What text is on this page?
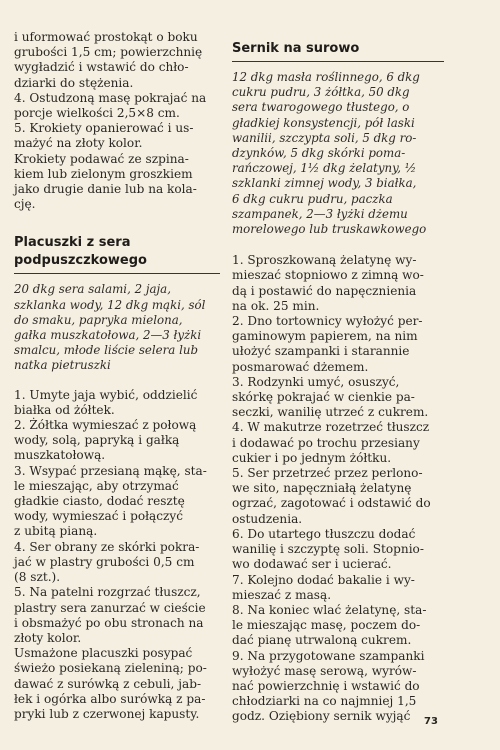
i uformować prostokąt o boku
grubości 1,5 cm; powierzchnię
wygładzić i wstawić do chło-
dziarki do stężenia.

4. Ostudzoną masę pokrajać na
porcje wielkości 2,5×8 cm.

5. Krokiety opanierować i us-
mażyć na złoty kolor.

Krokiety podawać ze szpina-
kiem lub zielonym groszkiem
jako drugie danie lub na kola-
cję.

Placuszki z sera
podpuszczkowego

20 dkg sera salami, 2 jaja,
szklanka wody, 12 dkg mąki, sól
do smaku, papryka mielona,
gałka muszkatołowa, 2—3 łyżki
smalcu, młode liście selera lub
natka pietruszki

1. Umyte jaja wybić, oddzielić
białka od żółtek.

2. Żółtka wymieszać z połową
wody, solą, papryką i gałką
muszkatołową.

3. Wsypać przesianą mąkę, sta-
le mieszając, aby otrzymać
gładkie ciasto, dodać resztę
wody, wymieszać i połączyć
z ubitą pianą.

4. Ser obrany ze skórki pokra-
jać w plastry grubości 0,5 cm
(8 szt.).

5. Na patelni rozgrzać tłuszcz,
plastry sera zanurzać w cieście
i obsmażyć po obu stronach na
złoty kolor.

Usmażone placuszki posypać
świeżo posiekaną zieleniną; po-
dawać z surówką z cebuli, jab-
łek i ogórka albo surówką z pa-
pryki lub z czerwonej kapusty.

Sernik na surowo

12 dkg masła roślinnego, 6 dkg
cukru pudru, 3 żółtka, 50 dkg
sera twarogowego tłustego, o
gładkiej konsystencji, pół laski
wanilii, szczypta soli, 5 dkg ro-
dzynków, 5 dkg skórki poma-
rańczowej, 1½ dkg żelatyny, ½
szklanki zimnej wody, 3 białka,
6 dkg cukru pudru, paczka
szampanek, 2—3 łyżki dżemu
morelowego lub truskawkowego

1. Sproszkowaną żelatynę wy-
mieszać stopniowo z zimną wo-
dą i postawić do napęcznienia
na ok. 25 min.

2. Dno tortownicy wyłożyć per-
gaminowym papierem, na nim
ułożyć szampanki i starannie
posmarować dżemem.

3. Rodzynki umyć, osuszyć,
skórkę pokrajać w cienkie pa-
seczki, wanilię utrzeć z cukrem.

4. W makutrze rozetrzeć tłuszcz
i dodawać po trochu przesiany
cukier i po jednym żółtku.

5. Ser przetrzeć przez perlono-
we sito, napęczniałą żelatynę
ogrzać, zagotować i odstawić do
ostudzenia.

6. Do utartego tłuszczu dodać
wanilię i szczyptę soli. Stopnio-
wo dodawać ser i ucierać.

7. Kolejno dodać bakalie i wy-
mieszać z masą.

8. Na koniec wlać żelatynę, sta-
le mieszając masę, poczem do-
dać pianę utrwaloną cukrem.

9. Na przygotowane szampanki
wyłożyć masę serową, wyrów-
nać powierzchnię i wstawić do
chłodziarki na co najmniej 1,5
godz. Oziębiony sernik wyjąć	73
